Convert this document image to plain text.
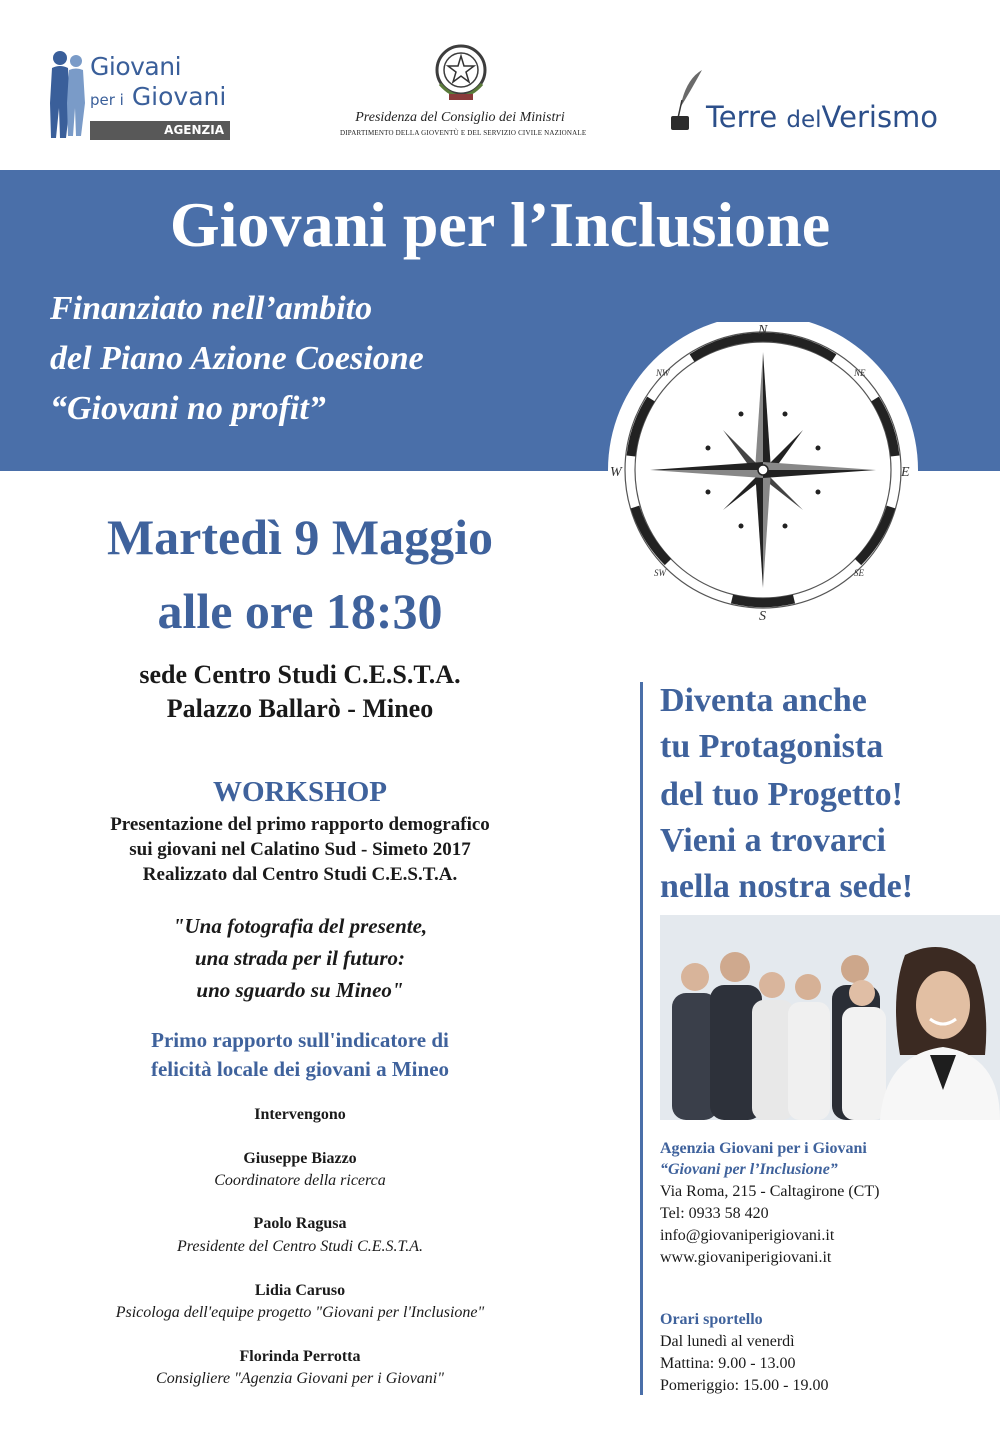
Giovani
per i Giovani
AGENZIA
Presidenza del Consiglio dei Ministri
DIPARTIMENTO DELLA GIOVENTÙ E DEL SERVIZIO CIVILE NAZIONALE	Terre delVerismo
Giovani per l’Inclusione
Finanziato nell’ambito
del Piano Azione Coesione
“Giovani no profit”
N
S
E
W
NE
NW
SE
SW
Martedì 9 Maggio
alle ore 18:30
sede Centro Studi C.E.S.T.A.
Palazzo Ballarò - Mineo
WORKSHOP
Presentazione del primo rapporto demografico
sui giovani nel Calatino Sud - Simeto 2017
Realizzato dal Centro Studi C.E.S.T.A.
"Una fotografia del presente,
una strada per il futuro:
uno sguardo su Mineo"
Primo rapporto sull'indicatore di
felicità locale dei giovani a Mineo
Intervengono
Giuseppe Biazzo
Coordinatore della ricerca
Paolo Ragusa
Presidente del Centro Studi C.E.S.T.A.
Lidia Caruso
Psicologa dell'equipe progetto "Giovani per l'Inclusione"
Florinda Perrotta
Consigliere "Agenzia Giovani per i Giovani"
Diventa anche
tu Protagonista
del tuo Progetto!
Vieni a trovarci
nella nostra sede!
Agenzia Giovani per i Giovani
“Giovani per l’Inclusione”
Via Roma, 215 - Caltagirone (CT)
Tel: 0933 58 420
info@giovaniperigiovani.it
www.giovaniperigiovani.it
Orari sportello
Dal lunedì al venerdì
Mattina: 9.00 - 13.00
Pomeriggio: 15.00 - 19.00
